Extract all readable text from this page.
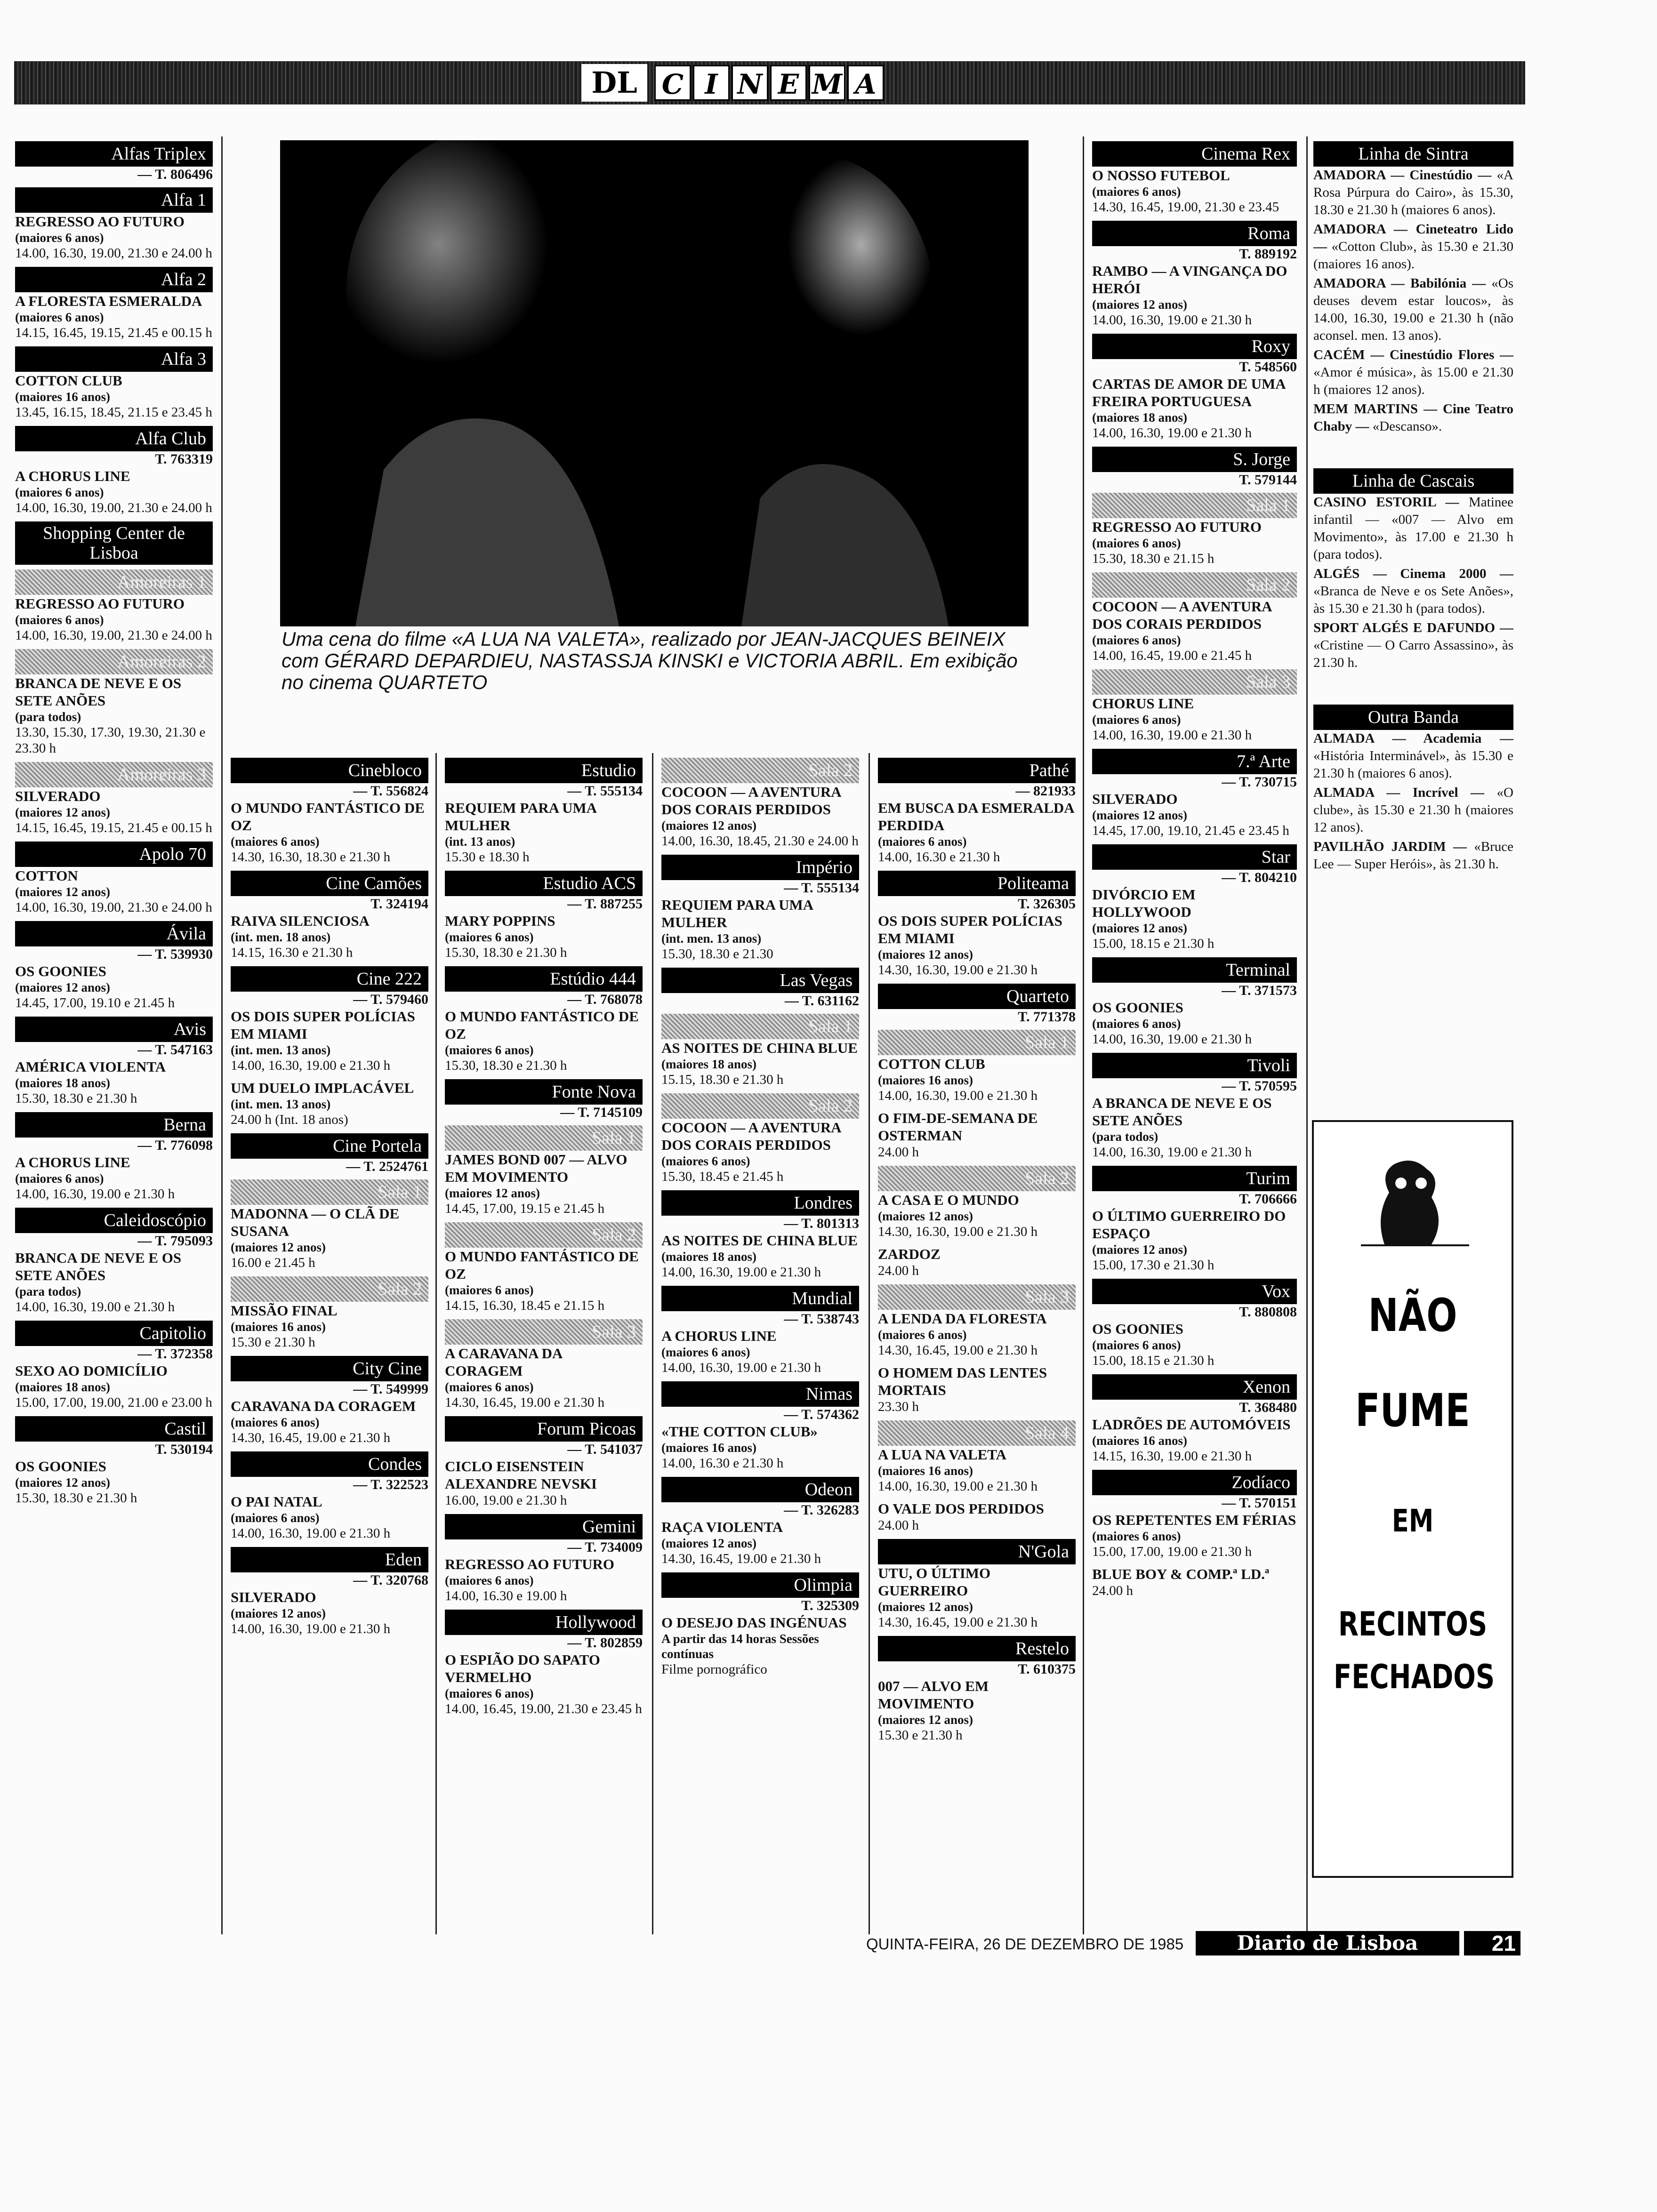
DL C I N E M A
Uma cena do filme «A LUA NA VALETA», realizado por JEAN-JACQUES BEINEIX com GÉRARD DEPARDIEU, NASTASSJA KINSKI e VICTORIA ABRIL. Em exibição no cinema QUARTETO
Alfas Triplex
— T. 806496
Alfa 1
REGRESSO AO FUTURO
(maiores 6 anos)
14.00, 16.30, 19.00, 21.30 e 24.00 h
Alfa 2
A FLORESTA ESMERALDA
(maiores 6 anos)
14.15, 16.45, 19.15, 21.45 e 00.15 h
Alfa 3
COTTON CLUB
(maiores 16 anos)
13.45, 16.15, 18.45, 21.15 e 23.45 h
Alfa Club
T. 763319
A CHORUS LINE
(maiores 6 anos)
14.00, 16.30, 19.00, 21.30 e 24.00 h
Shopping Center de Lisboa
Amoreiras 1
REGRESSO AO FUTURO
(maiores 6 anos)
14.00, 16.30, 19.00, 21.30 e 24.00 h
Amoreiras 2
BRANCA DE NEVE E OS SETE ANÕES
(para todos)
13.30, 15.30, 17.30, 19.30, 21.30 e 23.30 h
Amoreiras 3
SILVERADO
(maiores 12 anos)
14.15, 16.45, 19.15, 21.45 e 00.15 h
Apolo 70
COTTON
(maiores 12 anos)
14.00, 16.30, 19.00, 21.30 e 24.00 h
Ávila
— T. 539930
OS GOONIES
(maiores 12 anos)
14.45, 17.00, 19.10 e 21.45 h
Avis
— T. 547163
AMÉRICA VIOLENTA
(maiores 18 anos)
15.30, 18.30 e 21.30 h
Berna
— T. 776098
A CHORUS LINE
(maiores 6 anos)
14.00, 16.30, 19.00 e 21.30 h
Caleidoscópio
— T. 795093
BRANCA DE NEVE E OS SETE ANÕES
(para todos)
14.00, 16.30, 19.00 e 21.30 h
Capitolio
— T. 372358
SEXO AO DOMICÍLIO
(maiores 18 anos)
15.00, 17.00, 19.00, 21.00 e 23.00 h
Castil
T. 530194
OS GOONIES
(maiores 12 anos)
15.30, 18.30 e 21.30 h
Cinebloco
— T. 556824
O MUNDO FANTÁSTICO DE OZ
(maiores 6 anos)
14.30, 16.30, 18.30 e 21.30 h
Cine Camões
T. 324194
RAIVA SILENCIOSA
(int. men. 18 anos)
14.15, 16.30 e 21.30 h
Cine 222
— T. 579460
OS DOIS SUPER POLÍCIAS EM MIAMI
(int. men. 13 anos)
14.00, 16.30, 19.00 e 21.30 h
UM DUELO IMPLACÁVEL
(int. men. 13 anos)
24.00 h (Int. 18 anos)
Cine Portela
— T. 2524761
Sala 1
MADONNA — O CLÃ DE SUSANA
(maiores 12 anos)
16.00 e 21.45 h
Sala 2
MISSÃO FINAL
(maiores 16 anos)
15.30 e 21.30 h
City Cine
— T. 549999
CARAVANA DA CORAGEM
(maiores 6 anos)
14.30, 16.45, 19.00 e 21.30 h
Condes
— T. 322523
O PAI NATAL
(maiores 6 anos)
14.00, 16.30, 19.00 e 21.30 h
Eden
— T. 320768
SILVERADO
(maiores 12 anos)
14.00, 16.30, 19.00 e 21.30 h
Estudio
— T. 555134
REQUIEM PARA UMA MULHER
(int. 13 anos)
15.30 e 18.30 h
Estudio ACS
— T. 887255
MARY POPPINS
(maiores 6 anos)
15.30, 18.30 e 21.30 h
Estúdio 444
— T. 768078
O MUNDO FANTÁSTICO DE OZ
(maiores 6 anos)
15.30, 18.30 e 21.30 h
Fonte Nova
— T. 7145109
Sala 1
JAMES BOND 007 — ALVO EM MOVIMENTO
(maiores 12 anos)
14.45, 17.00, 19.15 e 21.45 h
Sala 2
O MUNDO FANTÁSTICO DE OZ
(maiores 6 anos)
14.15, 16.30, 18.45 e 21.15 h
Sala 3
A CARAVANA DA CORAGEM
(maiores 6 anos)
14.30, 16.45, 19.00 e 21.30 h
Forum Picoas
— T. 541037
CICLO EISENSTEIN ALEXANDRE NEVSKI
16.00, 19.00 e 21.30 h
Gemini
— T. 734009
REGRESSO AO FUTURO
(maiores 6 anos)
14.00, 16.30 e 19.00 h
Hollywood
— T. 802859
O ESPIÃO DO SAPATO VERMELHO
(maiores 6 anos)
14.00, 16.45, 19.00, 21.30 e 23.45 h
Sala 2
COCOON — A AVENTURA DOS CORAIS PERDIDOS
(maiores 12 anos)
14.00, 16.30, 18.45, 21.30 e 24.00 h
Império
— T. 555134
REQUIEM PARA UMA MULHER
(int. men. 13 anos)
15.30, 18.30 e 21.30
Las Vegas
— T. 631162
Sala 1
AS NOITES DE CHINA BLUE
(maiores 18 anos)
15.15, 18.30 e 21.30 h
Sala 2
COCOON — A AVENTURA DOS CORAIS PERDIDOS
(maiores 6 anos)
15.30, 18.45 e 21.45 h
Londres
— T. 801313
AS NOITES DE CHINA BLUE
(maiores 18 anos)
14.00, 16.30, 19.00 e 21.30 h
Mundial
— T. 538743
A CHORUS LINE
(maiores 6 anos)
14.00, 16.30, 19.00 e 21.30 h
Nimas
— T. 574362
«THE COTTON CLUB»
(maiores 16 anos)
14.00, 16.30 e 21.30 h
Odeon
— T. 326283
RAÇA VIOLENTA
(maiores 12 anos)
14.30, 16.45, 19.00 e 21.30 h
Olimpia
T. 325309
O DESEJO DAS INGÉNUAS
A partir das 14 horas Sessões contínuas
Filme pornográfico
Pathé
— 821933
EM BUSCA DA ESMERALDA PERDIDA
(maiores 6 anos)
14.00, 16.30 e 21.30 h
Politeama
T. 326305
OS DOIS SUPER POLÍCIAS EM MIAMI
(maiores 12 anos)
14.30, 16.30, 19.00 e 21.30 h
Quarteto
T. 771378
Sala 1
COTTON CLUB
(maiores 16 anos)
14.00, 16.30, 19.00 e 21.30 h
O FIM-DE-SEMANA DE OSTERMAN
24.00 h
Sala 2
A CASA E O MUNDO
(maiores 12 anos)
14.30, 16.30, 19.00 e 21.30 h
ZARDOZ
24.00 h
Sala 3
A LENDA DA FLORESTA
(maiores 6 anos)
14.30, 16.45, 19.00 e 21.30 h
O HOMEM DAS LENTES MORTAIS
23.30 h
Sala 4
A LUA NA VALETA
(maiores 16 anos)
14.00, 16.30, 19.00 e 21.30 h
O VALE DOS PERDIDOS
24.00 h
N'Gola
UTU, O ÚLTIMO GUERREIRO
(maiores 12 anos)
14.30, 16.45, 19.00 e 21.30 h
Restelo
T. 610375
007 — ALVO EM MOVIMENTO
(maiores 12 anos)
15.30 e 21.30 h
Cinema Rex
O NOSSO FUTEBOL
(maiores 6 anos)
14.30, 16.45, 19.00, 21.30 e 23.45
Roma
T. 889192
RAMBO — A VINGANÇA DO HERÓI
(maiores 12 anos)
14.00, 16.30, 19.00 e 21.30 h
Roxy
T. 548560
CARTAS DE AMOR DE UMA FREIRA PORTUGUESA
(maiores 18 anos)
14.00, 16.30, 19.00 e 21.30 h
S. Jorge
T. 579144
Sala 1
REGRESSO AO FUTURO
(maiores 6 anos)
15.30, 18.30 e 21.15 h
Sala 2
COCOON — A AVENTURA DOS CORAIS PERDIDOS
(maiores 6 anos)
14.00, 16.45, 19.00 e 21.45 h
Sala 3
CHORUS LINE
(maiores 6 anos)
14.00, 16.30, 19.00 e 21.30 h
7.ª Arte
— T. 730715
SILVERADO
(maiores 12 anos)
14.45, 17.00, 19.10, 21.45 e 23.45 h
Star
— T. 804210
DIVÓRCIO EM HOLLYWOOD
(maiores 12 anos)
15.00, 18.15 e 21.30 h
Terminal
— T. 371573
OS GOONIES
(maiores 6 anos)
14.00, 16.30, 19.00 e 21.30 h
Tivoli
— T. 570595
A BRANCA DE NEVE E OS SETE ANÕES
(para todos)
14.00, 16.30, 19.00 e 21.30 h
Turim
T. 706666
O ÚLTIMO GUERREIRO DO ESPAÇO
(maiores 12 anos)
15.00, 17.30 e 21.30 h
Vox
T. 880808
OS GOONIES
(maiores 6 anos)
15.00, 18.15 e 21.30 h
Xenon
T. 368480
LADRÕES DE AUTOMÓVEIS
(maiores 16 anos)
14.15, 16.30, 19.00 e 21.30 h
Zodíaco
— T. 570151
OS REPETENTES EM FÉRIAS
(maiores 6 anos)
15.00, 17.00, 19.00 e 21.30 h
BLUE BOY & COMP.ª LD.ª
24.00 h
Linha de Sintra
AMADORA — Cinestúdio — «A Rosa Púrpura do Cairo», às 15.30, 18.30 e 21.30 h (maiores 6 anos).
AMADORA — Cineteatro Lido — «Cotton Club», às 15.30 e 21.30 (maiores 16 anos).
AMADORA — Babilónia — «Os deuses devem estar loucos», às 14.00, 16.30, 19.00 e 21.30 h (não aconsel. men. 13 anos).
CACÉM — Cinestúdio Flores — «Amor é música», às 15.00 e 21.30 h (maiores 12 anos).
MEM MARTINS — Cine Teatro Chaby — «Descanso».
Linha de Cascais
CASINO ESTORIL — Matinee infantil — «007 — Alvo em Movimento», às 17.00 e 21.30 h (para todos).
ALGÉS — Cinema 2000 — «Branca de Neve e os Sete Anões», às 15.30 e 21.30 h (para todos).
SPORT ALGÉS E DAFUNDO — «Cristine — O Carro Assassino», às 21.30 h.
Outra Banda
ALMADA — Academia — «História Interminável», às 15.30 e 21.30 h (maiores 6 anos).
ALMADA — Incrível — «O clube», às 15.30 e 21.30 h (maiores 12 anos).
PAVILHÃO JARDIM — «Bruce Lee — Super Heróis», às 21.30 h.
NÃO
FUME
EM
RECINTOS
FECHADOS
QUINTA-FEIRA, 26 DE DEZEMBRO DE 1985	Diario de Lisboa	21
